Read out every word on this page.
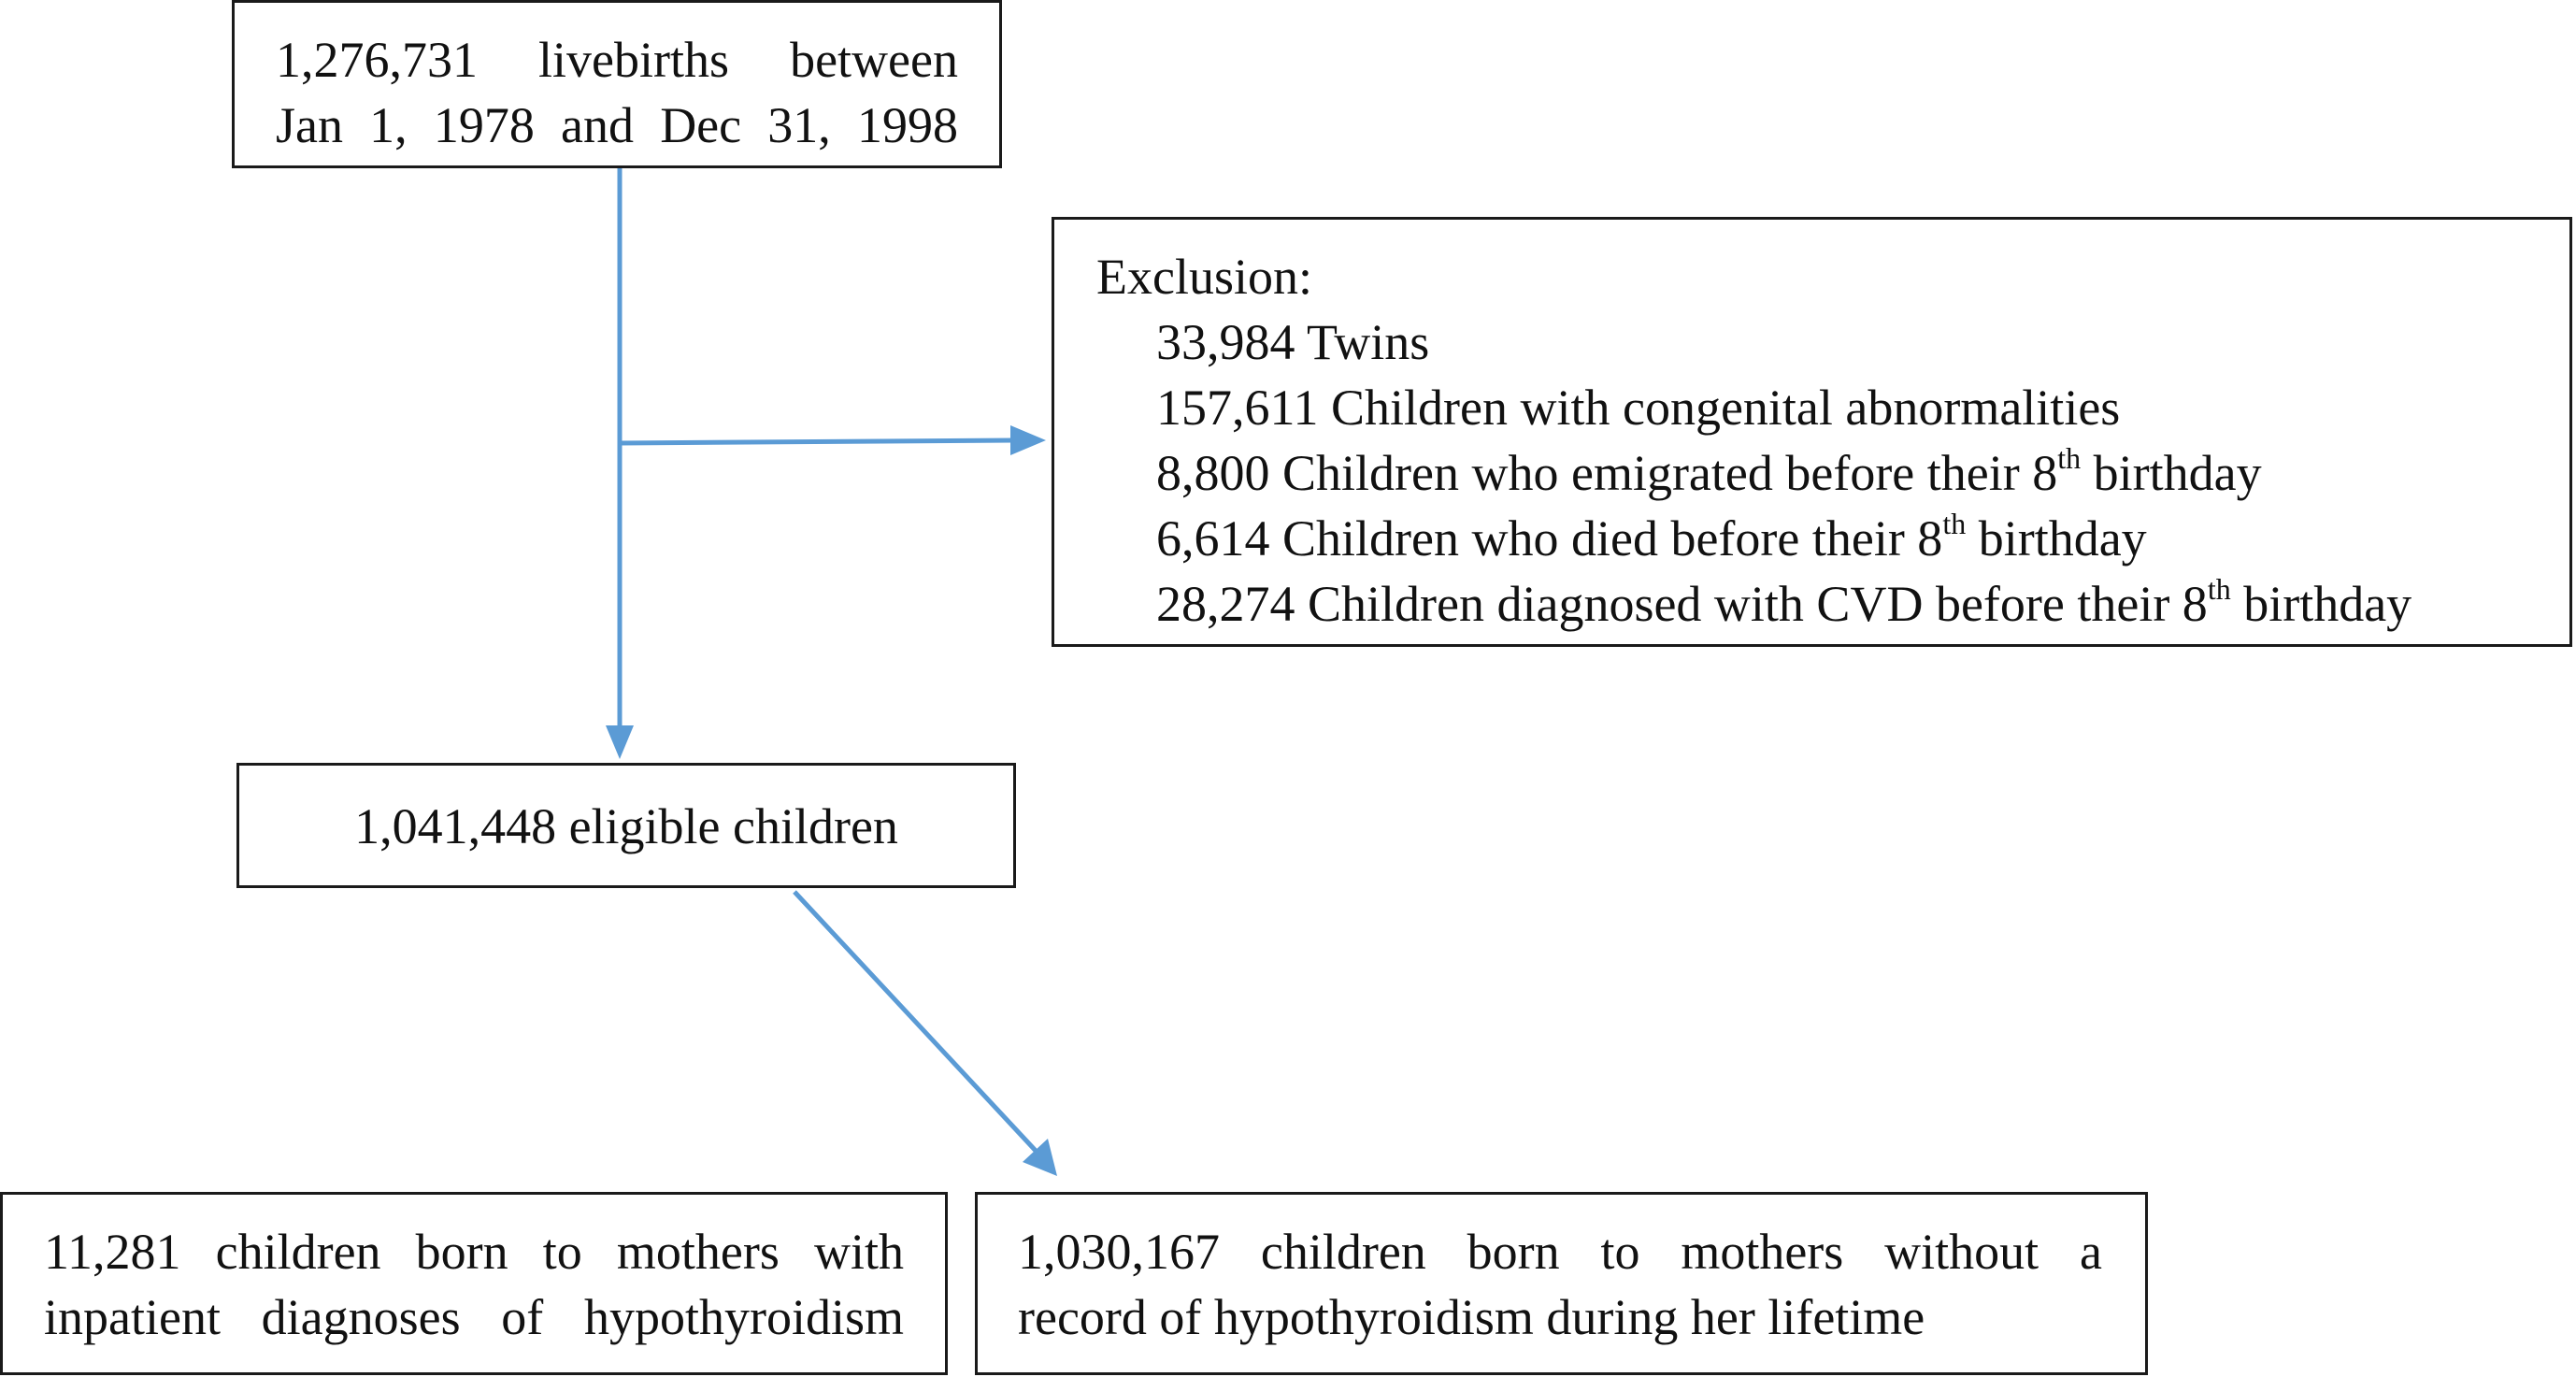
1,276,731 livebirths between
Jan 1, 1978 and Dec 31, 1998
Exclusion:
33,984 Twins
157,611 Children with congenital abnormalities
8,800 Children who emigrated before their 8th birthday
6,614 Children who died before their 8th birthday
28,274 Children diagnosed with CVD before their 8th birthday
1,041,448 eligible children
11,281 children born to mothers with
inpatient diagnoses of hypothyroidism
1,030,167 children born to mothers without a
record of hypothyroidism during her lifetime
